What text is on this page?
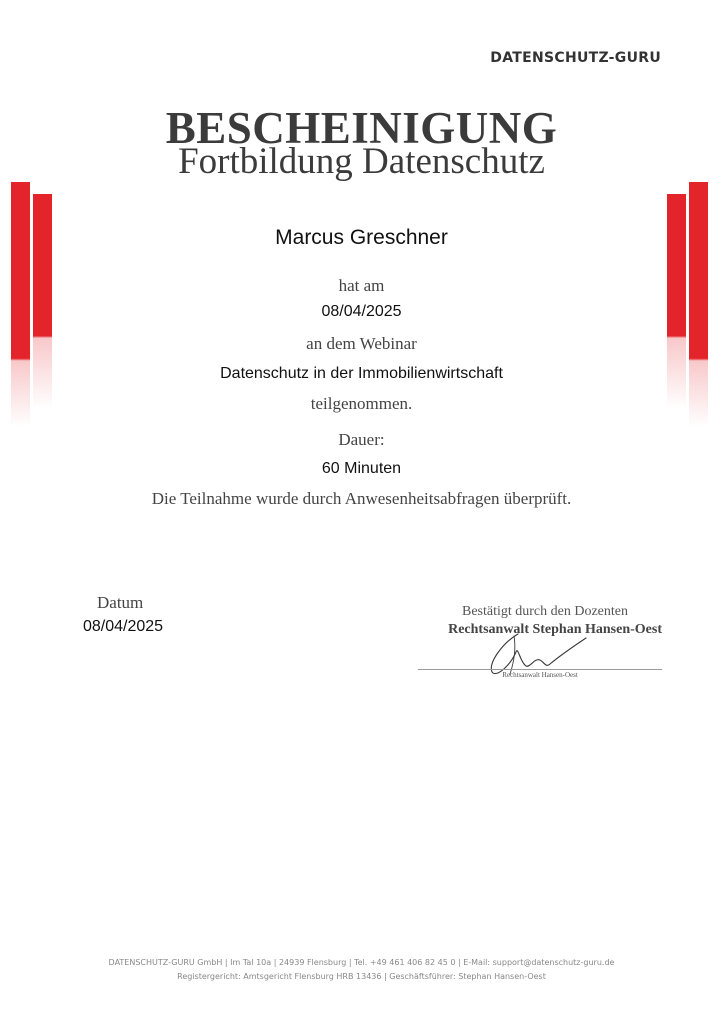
DATENSCHUTZ-GURU
BESCHEINIGUNG
Fortbildung Datenschutz
Marcus Greschner
hat am
08/04/2025
an dem Webinar
Datenschutz in der Immobilienwirtschaft
teilgenommen.
Dauer:
60 Minuten
Die Teilnahme wurde durch Anwesenheitsabfragen überprüft.
Datum
08/04/2025
Bestätigt durch den Dozenten
Rechtsanwalt Stephan Hansen-Oest
Rechtsanwalt Hansen-Oest
DATENSCHUTZ-GURU GmbH | Im Tal 10a | 24939 Flensburg | Tel. +49 461 406 82 45 0 | E-Mail: support@datenschutz-guru.de
Registergericht: Amtsgericht Flensburg HRB 13436 | Geschäftsführer: Stephan Hansen-Oest
